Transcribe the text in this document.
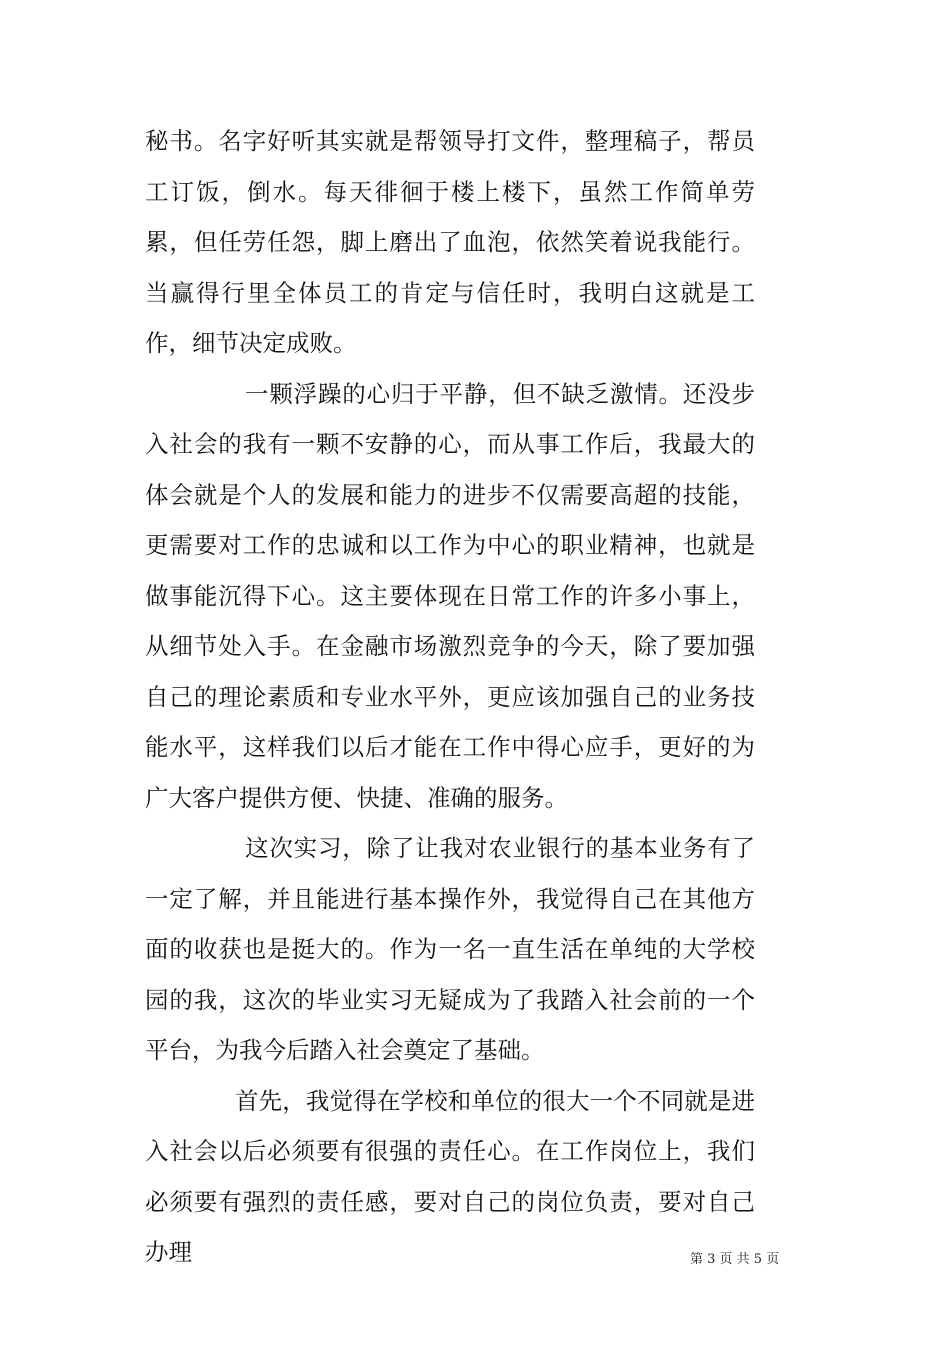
秘书。名字好听其实就是帮领导打文件，整理稿子，帮员工订饭，倒水。每天徘徊于楼上楼下，虽然工作简单劳累，但任劳任怨，脚上磨出了血泡，依然笑着说我能行。当赢得行里全体员工的肯定与信任时，我明白这就是工作，细节决定成败。

一颗浮躁的心归于平静，但不缺乏激情。还没步入社会的我有一颗不安静的心，而从事工作后，我最大的体会就是个人的发展和能力的进步不仅需要高超的技能，更需要对工作的忠诚和以工作为中心的职业精神，也就是做事能沉得下心。这主要体现在日常工作的许多小事上，从细节处入手。在金融市场激烈竞争的今天，除了要加强自己的理论素质和专业水平外，更应该加强自己的业务技能水平，这样我们以后才能在工作中得心应手，更好的为广大客户提供方便、快捷、准确的服务。

这次实习，除了让我对农业银行的基本业务有了一定了解，并且能进行基本操作外，我觉得自己在其他方面的收获也是挺大的。作为一名一直生活在单纯的大学校园的我，这次的毕业实习无疑成为了我踏入社会前的一个平台，为我今后踏入社会奠定了基础。

首先，我觉得在学校和单位的很大一个不同就是进入社会以后必须要有很强的责任心。在工作岗位上，我们必须要有强烈的责任感，要对自己的岗位负责，要对自己办理	第 3 页 共 5 页
